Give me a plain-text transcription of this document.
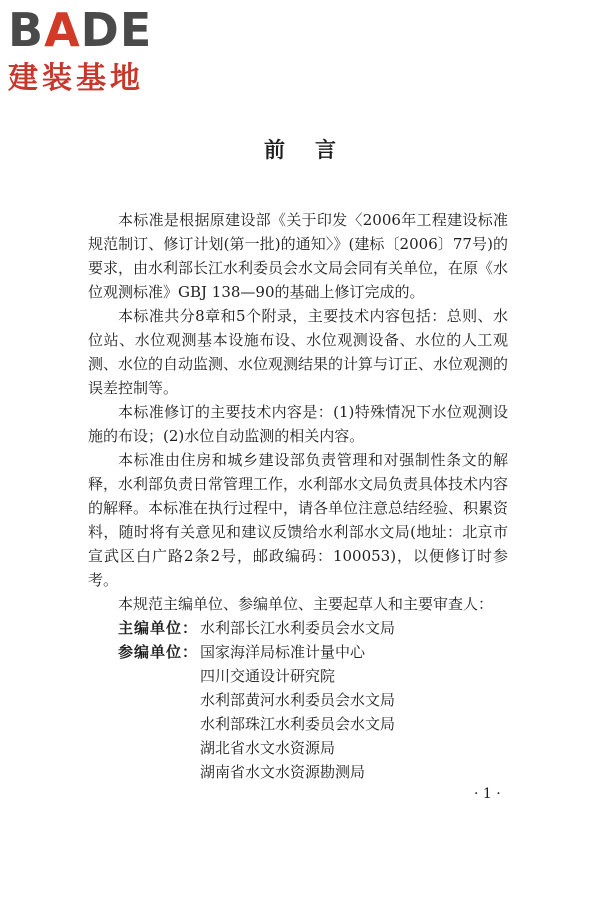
BADE
建装基地
前言

本标准是根据原建设部《关于印发〈2006年工程建设标准规范制订、修订计划(第一批)的通知〉》(建标〔2006〕77号)的要求，由水利部长江水利委员会水文局会同有关单位，在原《水位观测标准》GBJ 138—90的基础上修订完成的。

本标准共分8章和5个附录，主要技术内容包括：总则、水位站、水位观测基本设施布设、水位观测设备、水位的人工观测、水位的自动监测、水位观测结果的计算与订正、水位观测的误差控制等。

本标准修订的主要技术内容是：(1)特殊情况下水位观测设施的布设；(2)水位自动监测的相关内容。

本标准由住房和城乡建设部负责管理和对强制性条文的解释，水利部负责日常管理工作，水利部水文局负责具体技术内容的解释。本标准在执行过程中，请各单位注意总结经验、积累资料，随时将有关意见和建议反馈给水利部水文局(地址：北京市宣武区白广路2条2号，邮政编码：100053)，以便修订时参考。

本规范主编单位、参编单位、主要起草人和主要审查人：

主编单位： 水利部长江水利委员会水文局
参编单位： 国家海洋局标准计量中心
四川交通设计研究院
水利部黄河水利委员会水文局
水利部珠江水利委员会水文局
湖北省水文水资源局
湖南省水文水资源勘测局
· 1 ·
